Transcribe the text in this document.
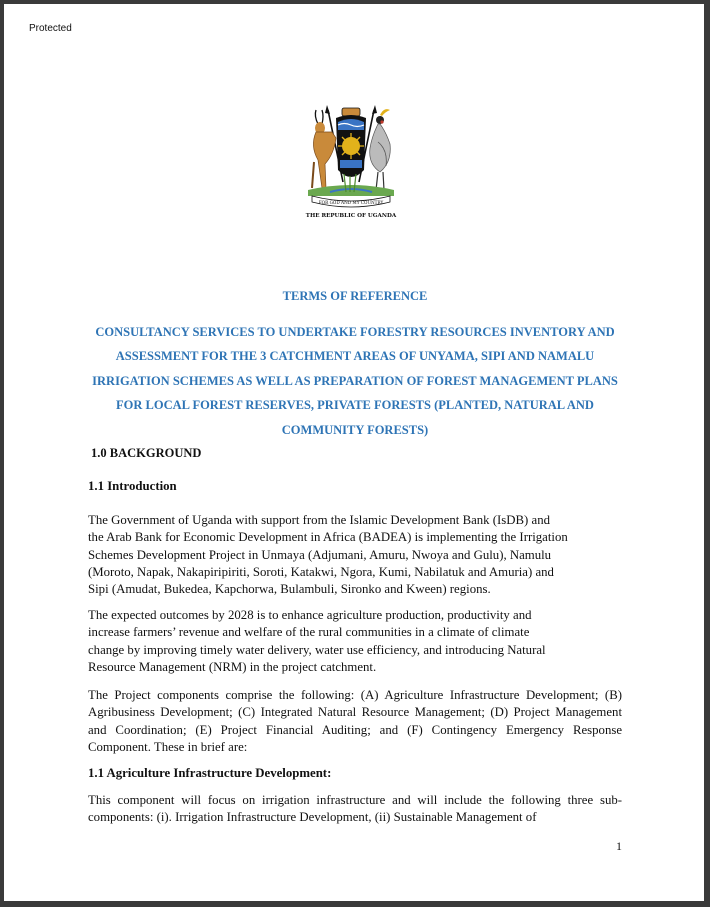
Protected
FOR GOD AND MY COUNTRY
THE REPUBLIC OF UGANDA
TERMS OF REFERENCE
CONSULTANCY SERVICES TO UNDERTAKE FORESTRY RESOURCES INVENTORY AND
ASSESSMENT FOR THE 3 CATCHMENT AREAS OF UNYAMA, SIPI AND NAMALU
IRRIGATION SCHEMES AS WELL AS PREPARATION OF FOREST MANAGEMENT PLANS
FOR LOCAL FOREST RESERVES, PRIVATE FORESTS (PLANTED, NATURAL AND
COMMUNITY FORESTS)
1.0 BACKGROUND
1.1 Introduction
The Government of Uganda with support from the Islamic Development Bank (IsDB) and
the Arab Bank for Economic Development in Africa (BADEA) is implementing the Irrigation
Schemes Development Project in Unmaya (Adjumani, Amuru, Nwoya and Gulu), Namulu
(Moroto, Napak, Nakapiripiriti, Soroti, Katakwi, Ngora, Kumi, Nabilatuk and Amuria) and
Sipi (Amudat, Bukedea, Kapchorwa, Bulambuli, Sironko and Kween) regions.
The expected outcomes by 2028 is to enhance agriculture production, productivity and
increase farmers’ revenue and welfare of the rural communities in a climate of climate
change by improving timely water delivery, water use efficiency, and introducing Natural
Resource Management (NRM) in the project catchment.
The Project components comprise the following: (A) Agriculture Infrastructure Development; (B) Agribusiness Development; (C) Integrated Natural Resource Management; (D) Project Management and Coordination; (E) Project Financial Auditing; and (F) Contingency Emergency Response Component. These in brief are:
1.1 Agriculture Infrastructure Development:
This component will focus on irrigation infrastructure and will include the following three sub-components: (i). Irrigation Infrastructure Development, (ii) Sustainable Management of
1
